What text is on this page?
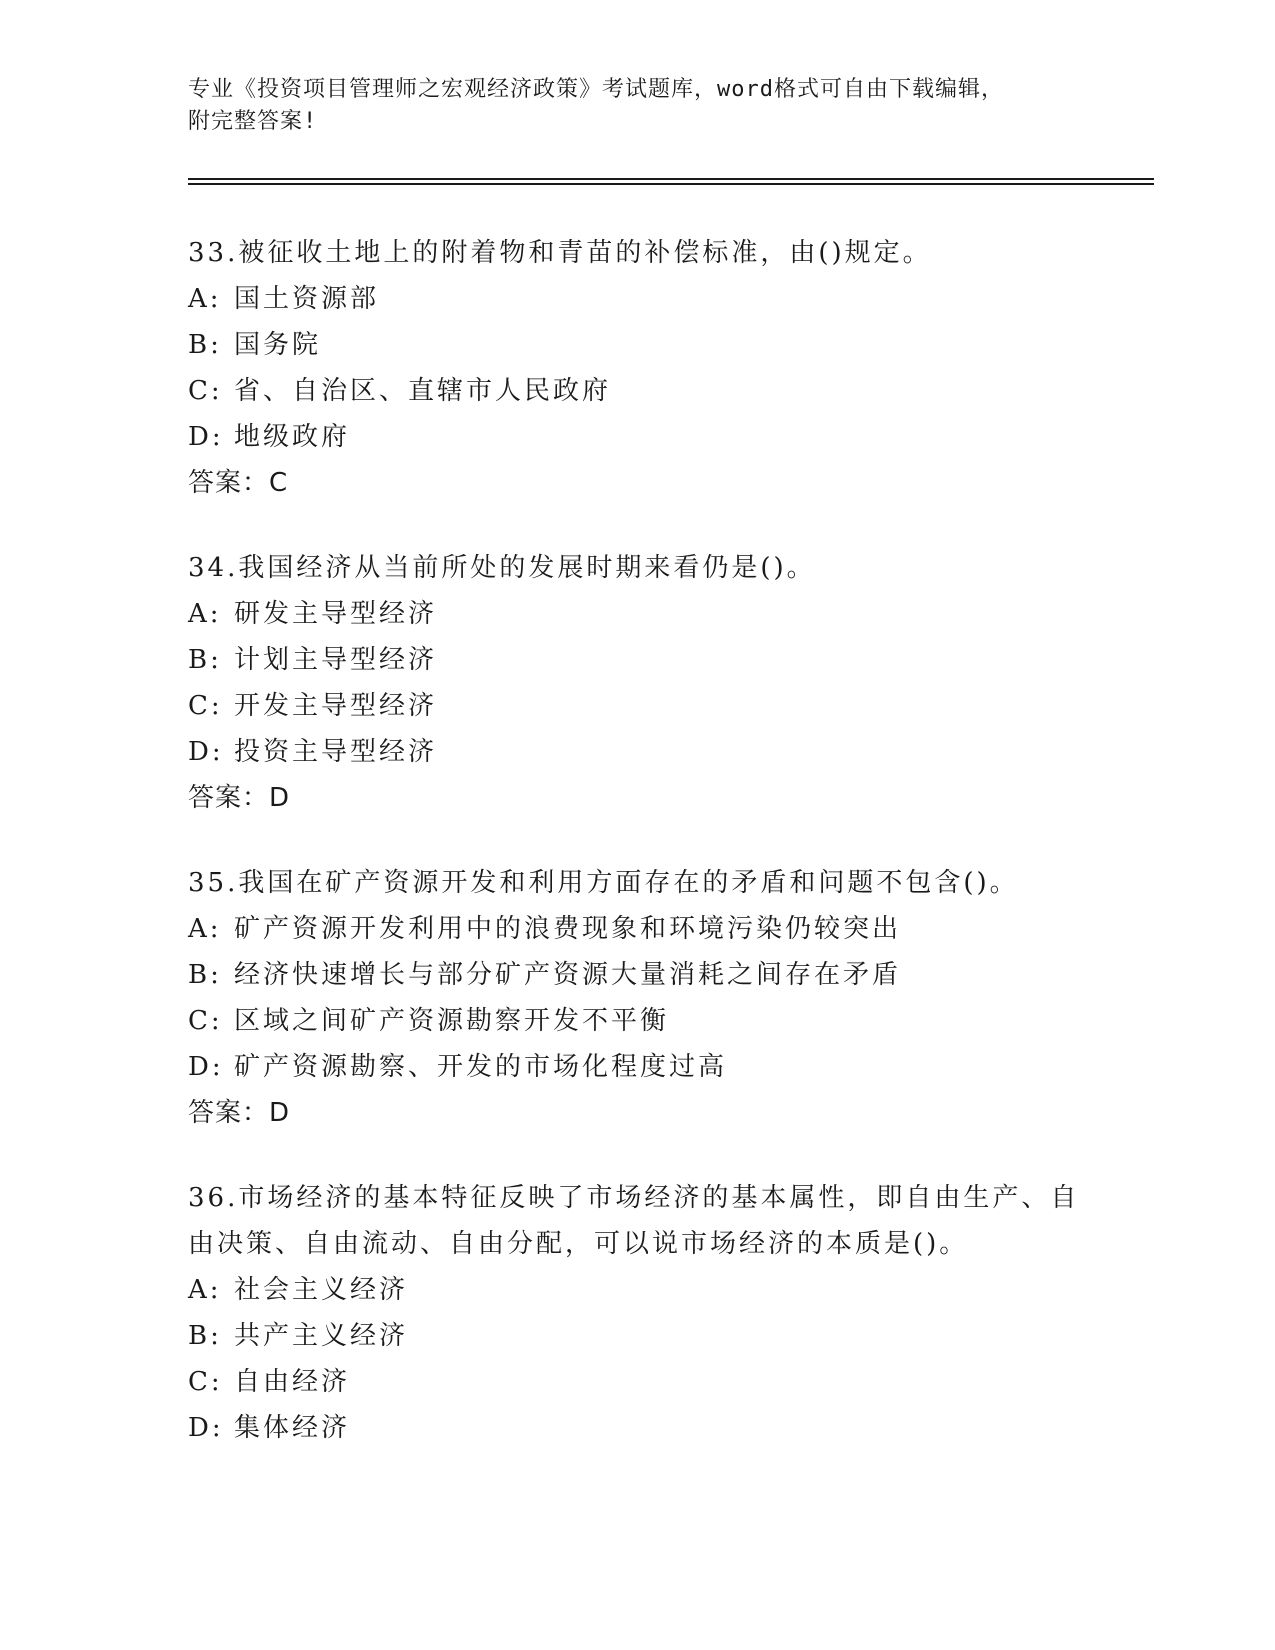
专业《投资项目管理师之宏观经济政策》考试题库，word格式可自由下载编辑，
附完整答案!
33.被征收土地上的附着物和青苗的补偿标准，由()规定。
A: 国土资源部
B: 国务院
C: 省、自治区、直辖市人民政府
D: 地级政府
答案：C
34.我国经济从当前所处的发展时期来看仍是()。
A: 研发主导型经济
B: 计划主导型经济
C: 开发主导型经济
D: 投资主导型经济
答案：D
35.我国在矿产资源开发和利用方面存在的矛盾和问题不包含()。
A: 矿产资源开发利用中的浪费现象和环境污染仍较突出
B: 经济快速增长与部分矿产资源大量消耗之间存在矛盾
C: 区域之间矿产资源勘察开发不平衡
D: 矿产资源勘察、开发的市场化程度过高
答案：D
36.市场经济的基本特征反映了市场经济的基本属性，即自由生产、自
由决策、自由流动、自由分配，可以说市场经济的本质是()。
A: 社会主义经济
B: 共产主义经济
C: 自由经济
D: 集体经济
